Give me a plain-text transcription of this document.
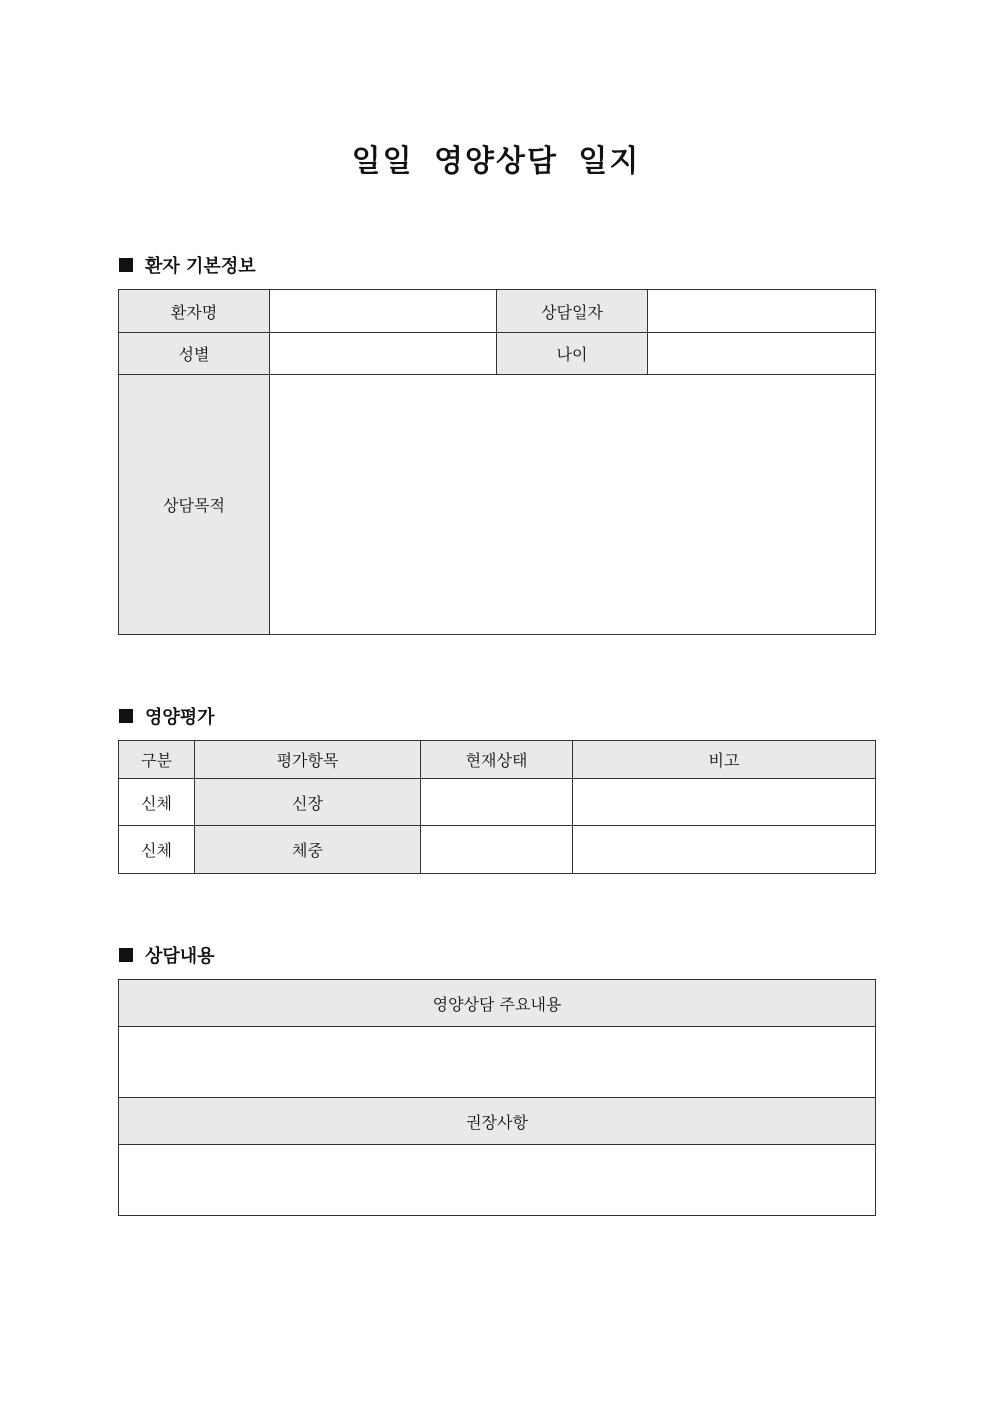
일일 영양상담 일지
환자 기본정보
환자명		상담일자	
성별		나이	
상담목적			
영양평가
구분	평가항목	현재상태	비고
신체	신장		
신체	체중		
상담내용
영양상담 주요내용

권장사항
